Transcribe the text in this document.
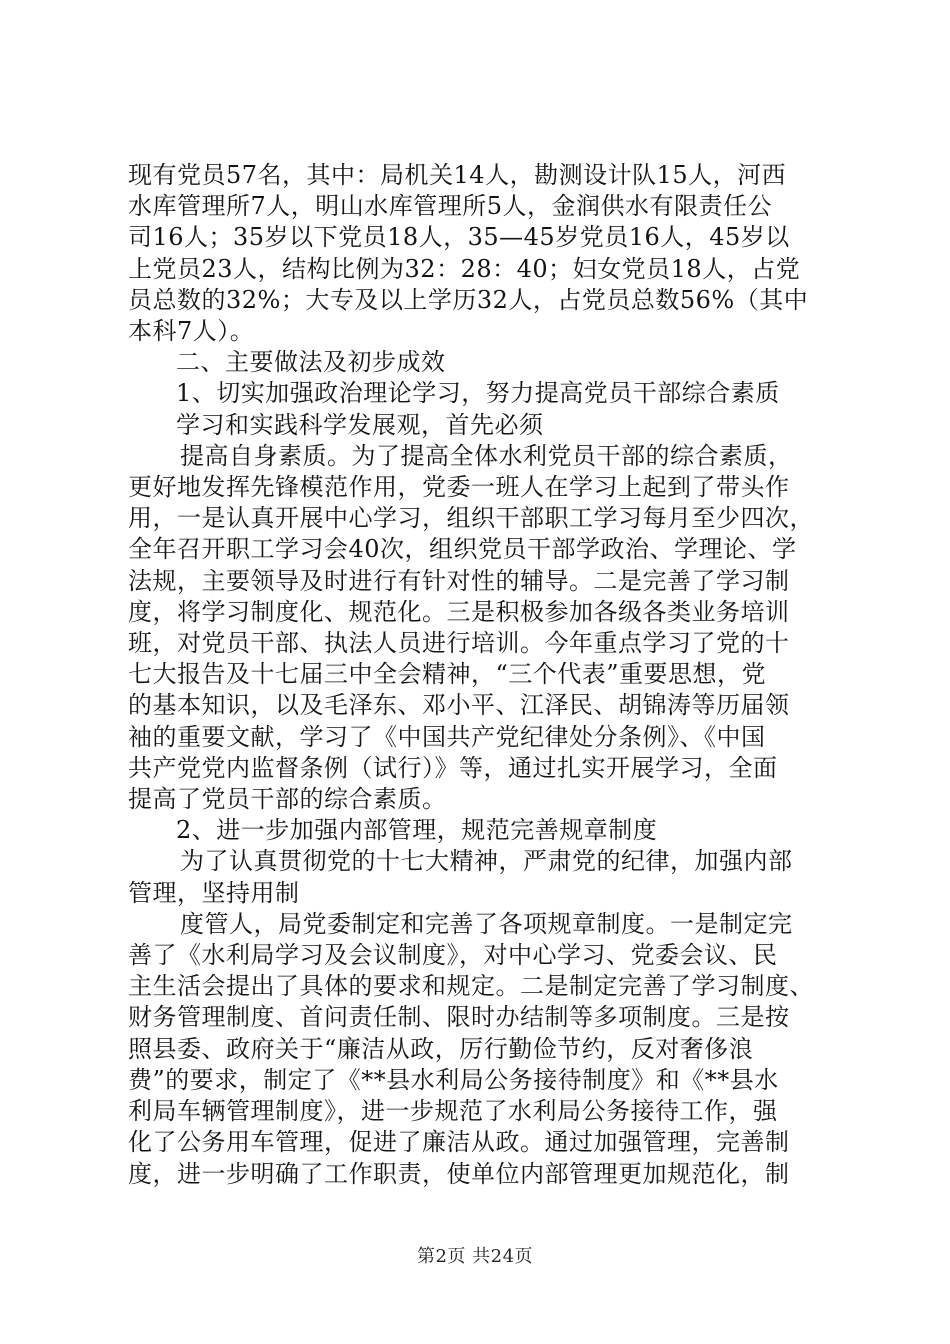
现有党员57名，其中：局机关14人，勘测设计队15人，河西

水库管理所7人，明山水库管理所5人，金润供水有限责任公

司16人；35岁以下党员18人，35—45岁党员16人，45岁以

上党员23人，结构比例为32：28：40；妇女党员18人，占党

员总数的32%；大专及以上学历32人，占党员总数56%（其中

本科7人）。

二、主要做法及初步成效

1、切实加强政治理论学习，努力提高党员干部综合素质

学习和实践科学发展观，首先必须

提高自身素质。为了提高全体水利党员干部的综合素质，

更好地发挥先锋模范作用，党委一班人在学习上起到了带头作

用，一是认真开展中心学习，组织干部职工学习每月至少四次，

全年召开职工学习会40次，组织党员干部学政治、学理论、学

法规，主要领导及时进行有针对性的辅导。二是完善了学习制

度，将学习制度化、规范化。三是积极参加各级各类业务培训

班，对党员干部、执法人员进行培训。今年重点学习了党的十

七大报告及十七届三中全会精神，“三个代表”重要思想，党

的基本知识，以及毛泽东、邓小平、江泽民、胡锦涛等历届领

袖的重要文献，学习了《中国共产党纪律处分条例》、《中国

共产党党内监督条例（试行）》等，通过扎实开展学习，全面

提高了党员干部的综合素质。

2、进一步加强内部管理，规范完善规章制度

为了认真贯彻党的十七大精神，严肃党的纪律，加强内部

管理，坚持用制

度管人，局党委制定和完善了各项规章制度。一是制定完

善了《水利局学习及会议制度》，对中心学习、党委会议、民

主生活会提出了具体的要求和规定。二是制定完善了学习制度、

财务管理制度、首问责任制、限时办结制等多项制度。三是按

照县委、政府关于“廉洁从政，厉行勤俭节约，反对奢侈浪

费”的要求，制定了《**县水利局公务接待制度》和《**县水

利局车辆管理制度》，进一步规范了水利局公务接待工作，强

化了公务用车管理，促进了廉洁从政。通过加强管理，完善制

度，进一步明确了工作职责，使单位内部管理更加规范化，制

第2页 共24页
